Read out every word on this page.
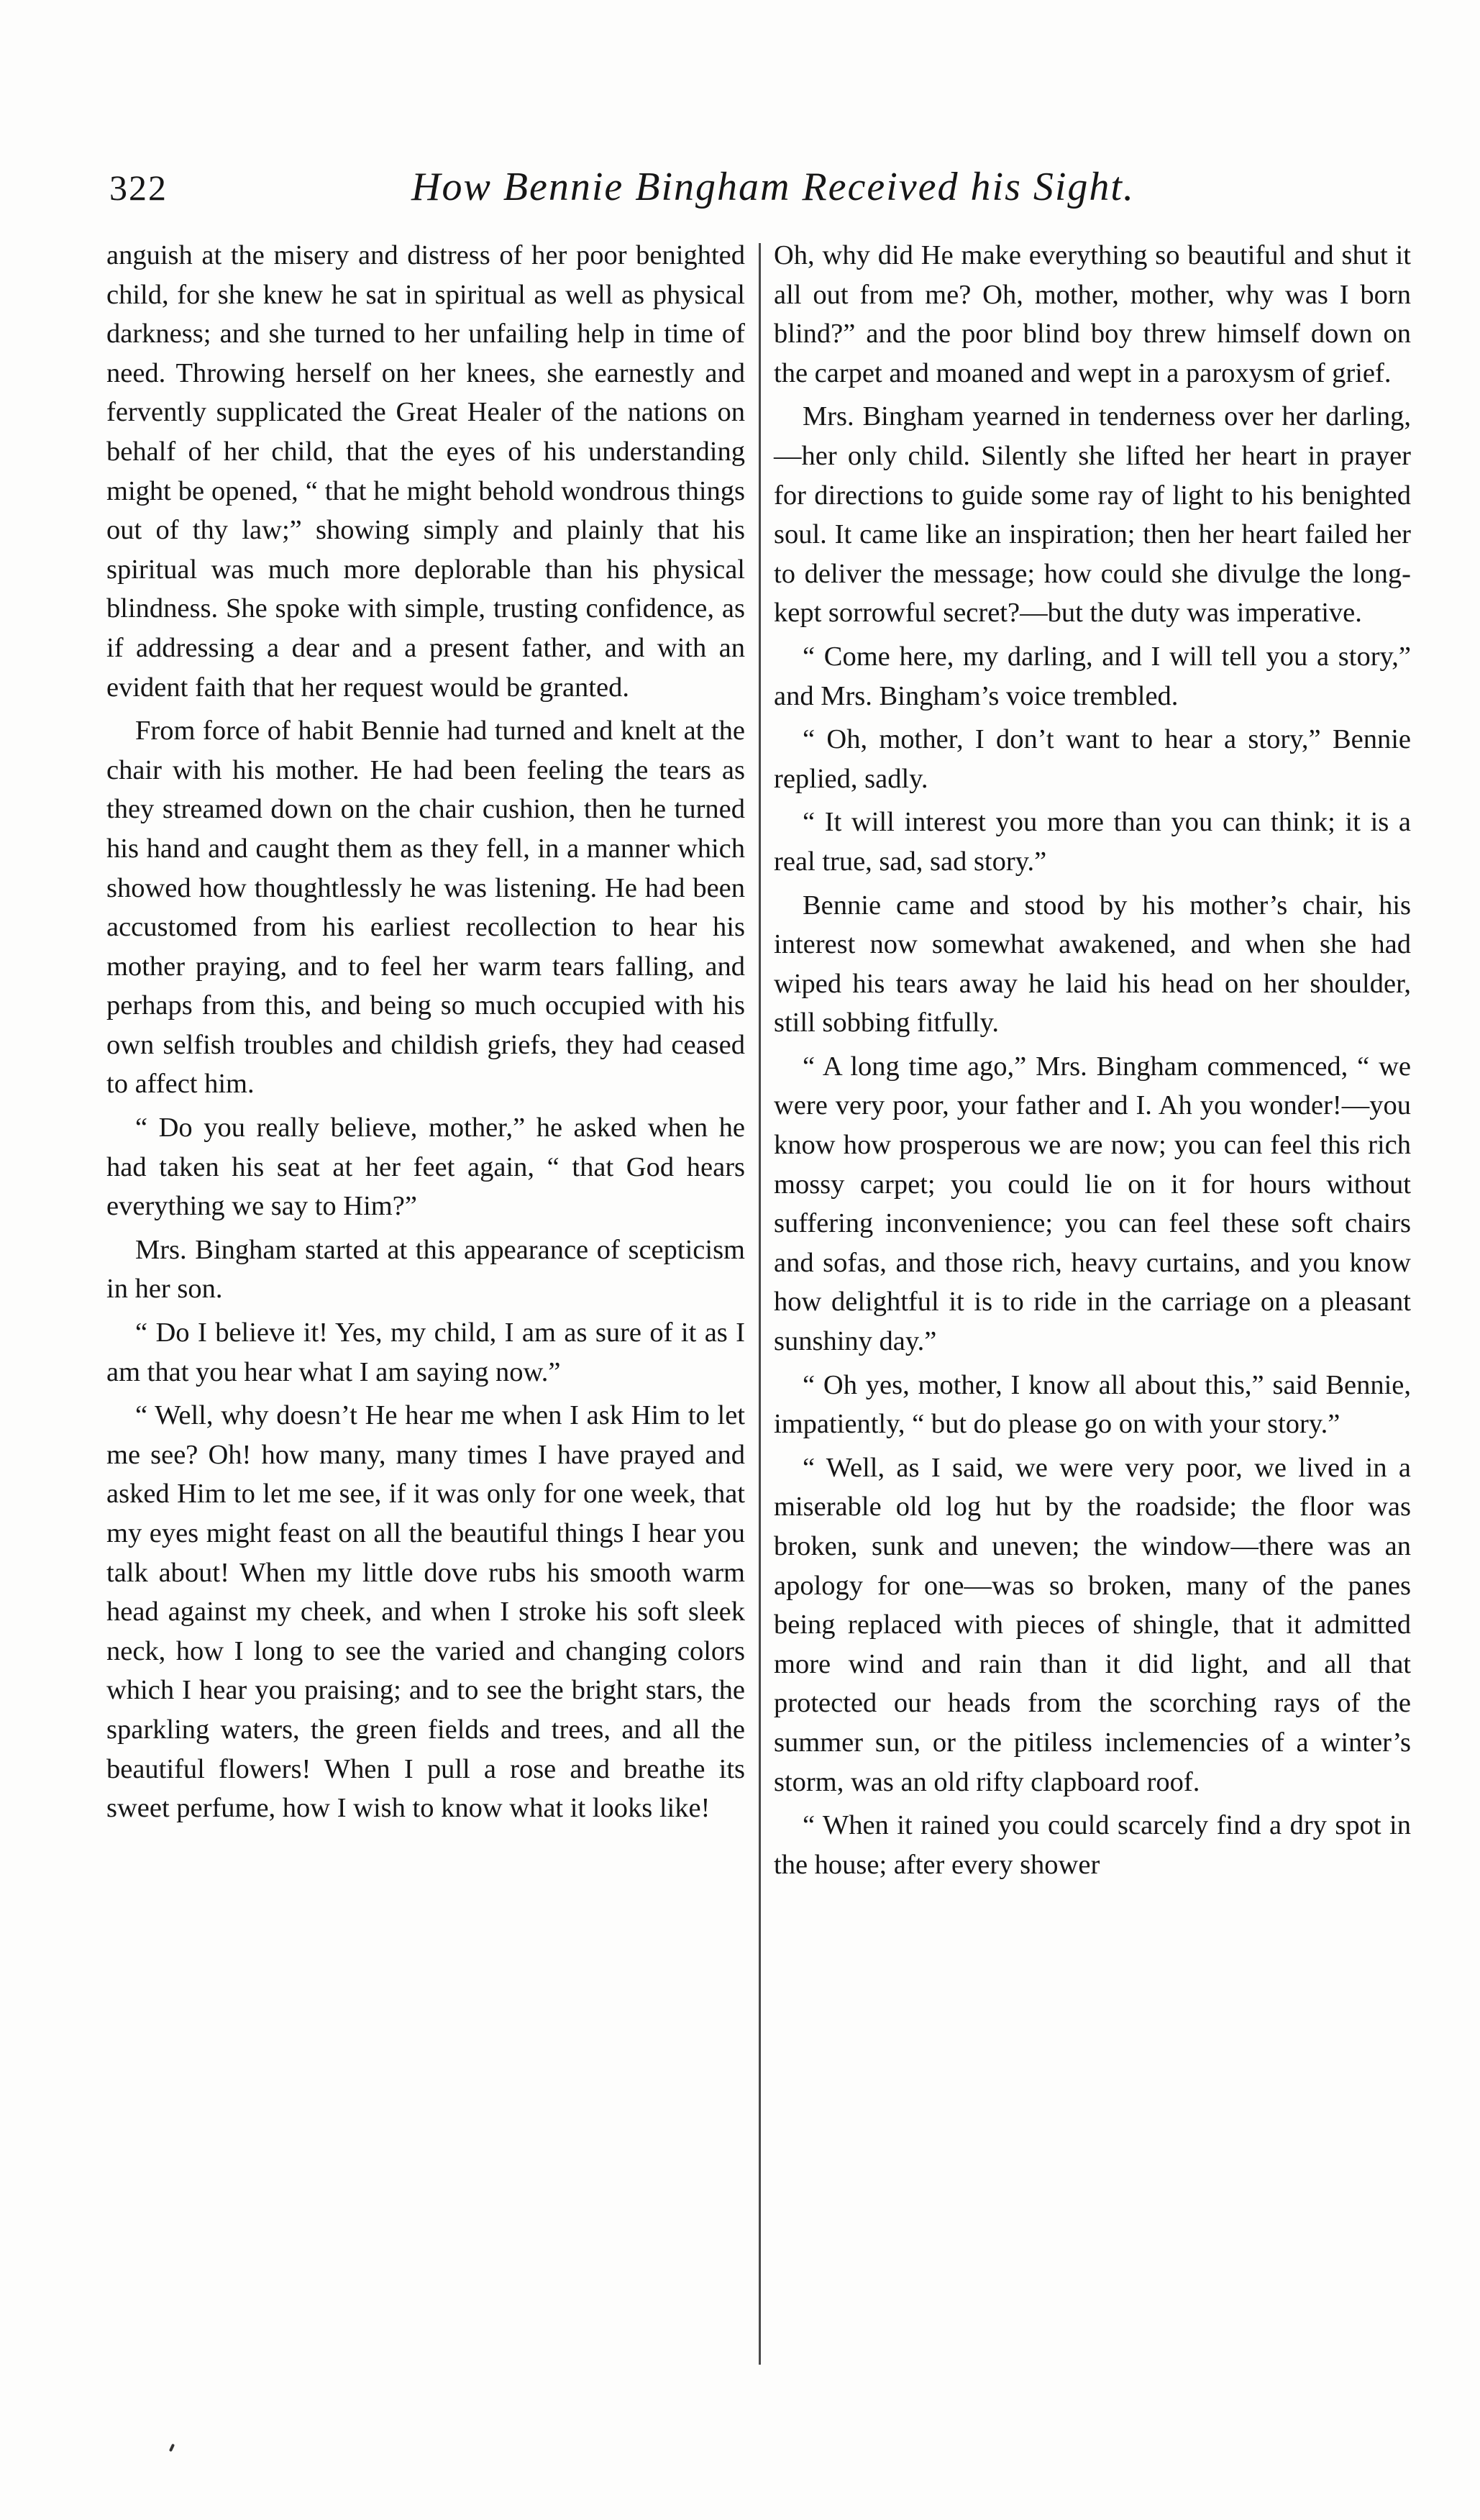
322	How Bennie Bingham Received his Sight.

anguish at the misery and distress of her poor benighted child, for she knew he sat in spiritual as well as physical darkness; and she turned to her unfailing help in time of need. Throwing herself on her knees, she earnestly and fervently supplicated the Great Healer of the nations on behalf of her child, that the eyes of his understanding might be opened, “ that he might behold wondrous things out of thy law;” showing simply and plainly that his spiritual was much more deplorable than his physical blindness. She spoke with simple, trusting confidence, as if addressing a dear and a present father, and with an evident faith that her request would be granted.

From force of habit Bennie had turned and knelt at the chair with his mother. He had been feeling the tears as they streamed down on the chair cushion, then he turned his hand and caught them as they fell, in a manner which showed how thoughtlessly he was listening. He had been accustomed from his earliest recollection to hear his mother praying, and to feel her warm tears falling, and perhaps from this, and being so much occupied with his own selfish troubles and childish griefs, they had ceased to affect him.

“ Do you really believe, mother,” he asked when he had taken his seat at her feet again, “ that God hears everything we say to Him?”

Mrs. Bingham started at this appearance of scepticism in her son.

“ Do I believe it! Yes, my child, I am as sure of it as I am that you hear what I am saying now.”

“ Well, why doesn’t He hear me when I ask Him to let me see? Oh! how many, many times I have prayed and asked Him to let me see, if it was only for one week, that my eyes might feast on all the beautiful things I hear you talk about! When my little dove rubs his smooth warm head against my cheek, and when I stroke his soft sleek neck, how I long to see the varied and changing colors which I hear you praising; and to see the bright stars, the sparkling waters, the green fields and trees, and all the beautiful flowers! When I pull a rose and breathe its sweet perfume, how I wish to know what it looks like!

Oh, why did He make everything so beautiful and shut it all out from me? Oh, mother, mother, why was I born blind?” and the poor blind boy threw himself down on the carpet and moaned and wept in a paroxysm of grief.

Mrs. Bingham yearned in tenderness over her darling,—her only child. Silently she lifted her heart in prayer for directions to guide some ray of light to his benighted soul. It came like an inspiration; then her heart failed her to deliver the message; how could she divulge the long-kept sorrowful secret?—but the duty was imperative.

“ Come here, my darling, and I will tell you a story,” and Mrs. Bingham’s voice trembled.

“ Oh, mother, I don’t want to hear a story,” Bennie replied, sadly.

“ It will interest you more than you can think; it is a real true, sad, sad story.”

Bennie came and stood by his mother’s chair, his interest now somewhat awakened, and when she had wiped his tears away he laid his head on her shoulder, still sobbing fitfully.

“ A long time ago,” Mrs. Bingham commenced, “ we were very poor, your father and I. Ah you wonder!—you know how prosperous we are now; you can feel this rich mossy carpet; you could lie on it for hours without suffering inconvenience; you can feel these soft chairs and sofas, and those rich, heavy curtains, and you know how delightful it is to ride in the carriage on a pleasant sunshiny day.”

“ Oh yes, mother, I know all about this,” said Bennie, impatiently, “ but do please go on with your story.”

“ Well, as I said, we were very poor, we lived in a miserable old log hut by the roadside; the floor was broken, sunk and uneven; the window—there was an apology for one—was so broken, many of the panes being replaced with pieces of shingle, that it admitted more wind and rain than it did light, and all that protected our heads from the scorching rays of the summer sun, or the pitiless inclemencies of a winter’s storm, was an old rifty clapboard roof.

“ When it rained you could scarcely find a dry spot in the house; after every shower
